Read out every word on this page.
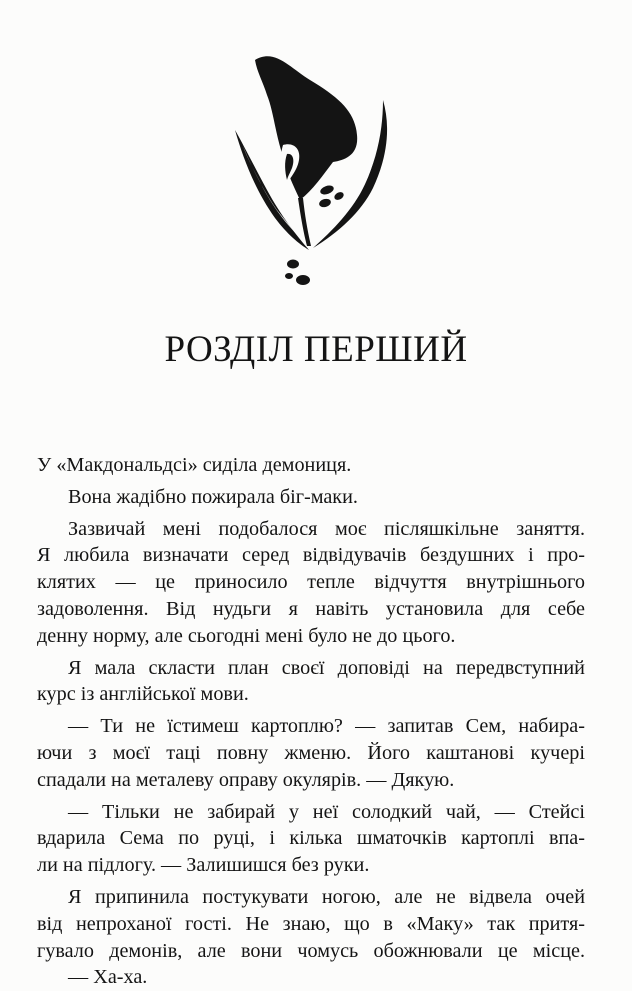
РОЗДІЛ ПЕРШИЙ
У «Макдональдсі» сиділа демониця.
Вона жадібно пожирала біг-маки.
Зазвичай мені подобалося моє післяшкільне заняття.
Я любила визначати серед відвідувачів бездушних і про-
клятих — це приносило тепле відчуття внутрішнього
задоволення. Від нудьги я навіть установила для себе
денну норму, але сьогодні мені було не до цього.
Я мала скласти план своєї доповіді на передвступний
курс із англійської мови.
— Ти не їстимеш картоплю? — запитав Сем, набира-
ючи з моєї таці повну жменю. Його каштанові кучері
спадали на металеву оправу окулярів. — Дякую.
— Тільки не забирай у неї солодкий чай, — Стейсі
вдарила Сема по руці, і кілька шматочків картоплі впа-
ли на підлогу. — Залишишся без руки.
Я припинила постукувати ногою, але не відвела очей
від непроханої гості. Не знаю, що в «Маку» так притя-
гувало демонів, але вони чомусь обожнювали це місце.
— Ха-ха.
